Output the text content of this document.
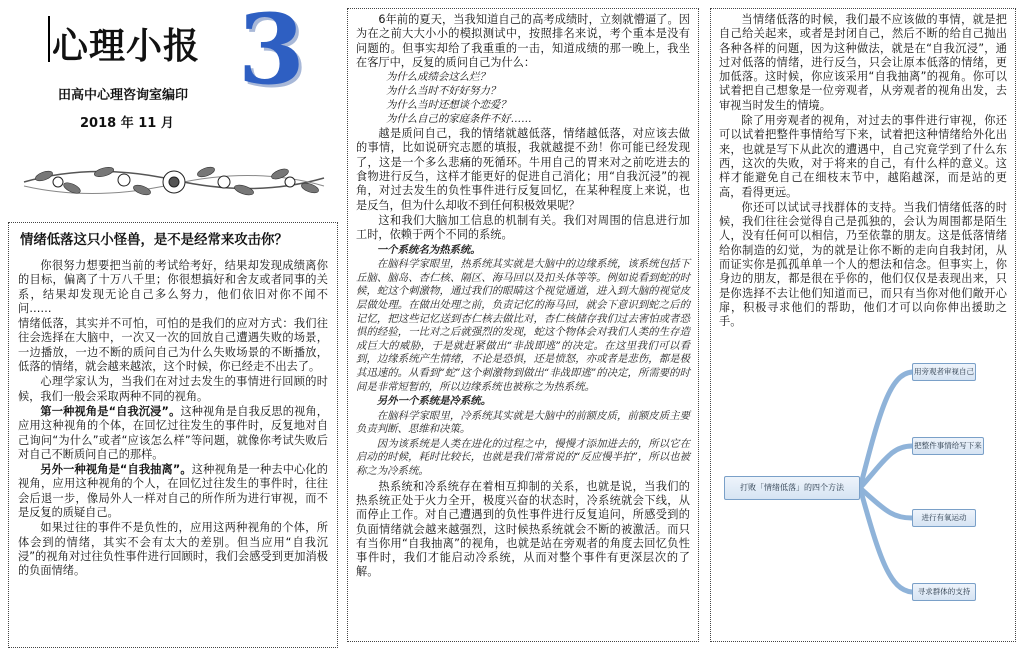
心理小报 3
田高中心理咨询室编印
2018 年 11 月
情绪低落这只小怪兽，是不是经常来攻击你？

你很努力想要把当前的考试给考好，结果却发现成绩离你的目标，偏离了十万八千里；你很想搞好和舍友或者同事的关系，结果却发现无论自己多么努力，他们依旧对你不闻不问……

情绪低落，其实并不可怕，可怕的是我们的应对方式：我们往往会选择在大脑中，一次又一次的回放自己遭遇失败的场景，一边播放，一边不断的质问自己为什么失败场景的不断播放，低落的情绪，就会越来越浓，这个时候，你已经走不出去了。

心理学家认为，当我们在对过去发生的事情进行回顾的时候，我们一般会采取两种不同的视角。

第一种视角是“自我沉浸”。这种视角是自我反思的视角，应用这种视角的个体，在回忆过往发生的事件时，反复地对自己询问“为什么”或者“应该怎么样”等问题，就像你考试失败后对自己不断质问自己的那样。

另外一种视角是“自我抽离”。这种视角是一种去中心化的视角，应用这种视角的个人，在回忆过往发生的事件时，往往会后退一步，像局外人一样对自己的所作所为进行审视，而不是反复的质疑自己。

如果过往的事件不是负性的，应用这两种视角的个体，所体会到的情绪，其实不会有太大的差别。但当应用“自我沉浸”的视角对过往负性事件进行回顾时，我们会感受到更加消极的负面情绪。

6年前的夏天，当我知道自己的高考成绩时，立刻就懵逼了。因为在之前大大小小的模拟测试中，按照排名来说，考个重本是没有问题的。但事实却给了我重重的一击，知道成绩的那一晚上，我坐在客厅中，反复的质问自己为什么：

为什么成绩会这么烂？

为什么当时不好好努力？

为什么当时还想谈个恋爱？

为什么自己的家庭条件不好……

越是质问自己，我的情绪就越低落，情绪越低落，对应该去做的事情，比如说研究志愿的填报，我就越提不劲！你可能已经发现了，这是一个多么悲痛的死循环。牛用自己的胃来对之前吃进去的食物进行反刍，这样才能更好的促进自己消化；用“自我沉浸”的视角，对过去发生的负性事件进行反复回忆，在某种程度上来说，也是反刍，但为什么却收不到任何积极效果呢？

这和我们大脑加工信息的机制有关。我们对周围的信息进行加工时，依赖于两个不同的系统。

一个系统名为热系统。

在脑科学家眼里，热系统其实就是大脑中的边缘系统，该系统包括下丘脑、脑岛、杏仁核、隔区、海马回以及扣头体等等。例如说看到蛇的时候，蛇这个刺激物，通过我们的眼睛这个视觉通道，进入到大脑的视觉皮层做处理。在做出处理之前，负责记忆的海马回，就会下意识到蛇之后的记忆，把这些记忆送到杏仁核去做比对，杏仁核储存我们过去害怕或者恐惧的经验，一比对之后就强烈的发现，蛇这个物体会对我们人类的生存造成巨大的威胁，于是就赶紧做出“非战即逃”的决定。在这里我们可以看到，边缘系统产生情绪，不论是恐惧，还是愤怒，亦或者是悲伤，都是极其迅速的。从看到“蛇”这个刺激物到做出“非战即逃”的决定，所需要的时间是非常短暂的，所以边缘系统也被称之为热系统。

另外一个系统是冷系统。

在脑科学家眼里，冷系统其实就是大脑中的前额皮质，前额皮质主要负责判断、思维和决策。

因为该系统是人类在进化的过程之中，慢慢才添加进去的，所以它在启动的时候，耗时比较长，也就是我们常常说的“反应慢半拍”，所以也被称之为冷系统。

热系统和冷系统存在着相互抑制的关系，也就是说，当我们的热系统正处于火力全开，极度兴奋的状态时，冷系统就会下线，从而停止工作。对自己遭遇到的负性事件进行反复追问，所感受到的负面情绪就会越来越强烈，这时候热系统就会不断的被激活。而只有当你用“自我抽离”的视角，也就是站在旁观者的角度去回忆负性事件时，我们才能启动冷系统，从而对整个事件有更深层次的了解。

当情绪低落的时候，我们最不应该做的事情，就是把自己给关起来，或者是封闭自己，然后不断的给自己抛出各种各样的问题，因为这种做法，就是在“自我沉浸”，通过对低落的情绪，进行反刍，只会让原本低落的情绪，更加低落。这时候，你应该采用“自我抽离”的视角。你可以试着把自己想象是一位旁观者，从旁观者的视角出发，去审视当时发生的情境。

除了用旁观者的视角，对过去的事件进行审视，你还可以试着把整件事情给写下来，试着把这种情绪给外化出来，也就是写下从此次的遭遇中，自己究竟学到了什么东西，这次的失败，对于将来的自己，有什么样的意义。这样才能避免自己在细枝末节中，越陷越深，而是站的更高，看得更远。

你还可以试试寻找群体的支持。当我们情绪低落的时候，我们往往会觉得自己是孤独的，会认为周围都是陌生人，没有任何可以相信，乃至依靠的朋友。这是低落情绪给你制造的幻觉，为的就是让你不断的走向自我封闭，从而证实你是孤孤单单一个人的想法和信念。但事实上，你身边的朋友，都是很在乎你的，他们仅仅是表现出来，只是你选择不去让他们知道而已，而只有当你对他们敞开心扉，积极寻求他们的帮助，他们才可以向你伸出援助之手。

打败「情绪低落」的四个方法
用旁观者审视自己
把整件事情给写下来
进行有氧运动
寻求群体的支持
